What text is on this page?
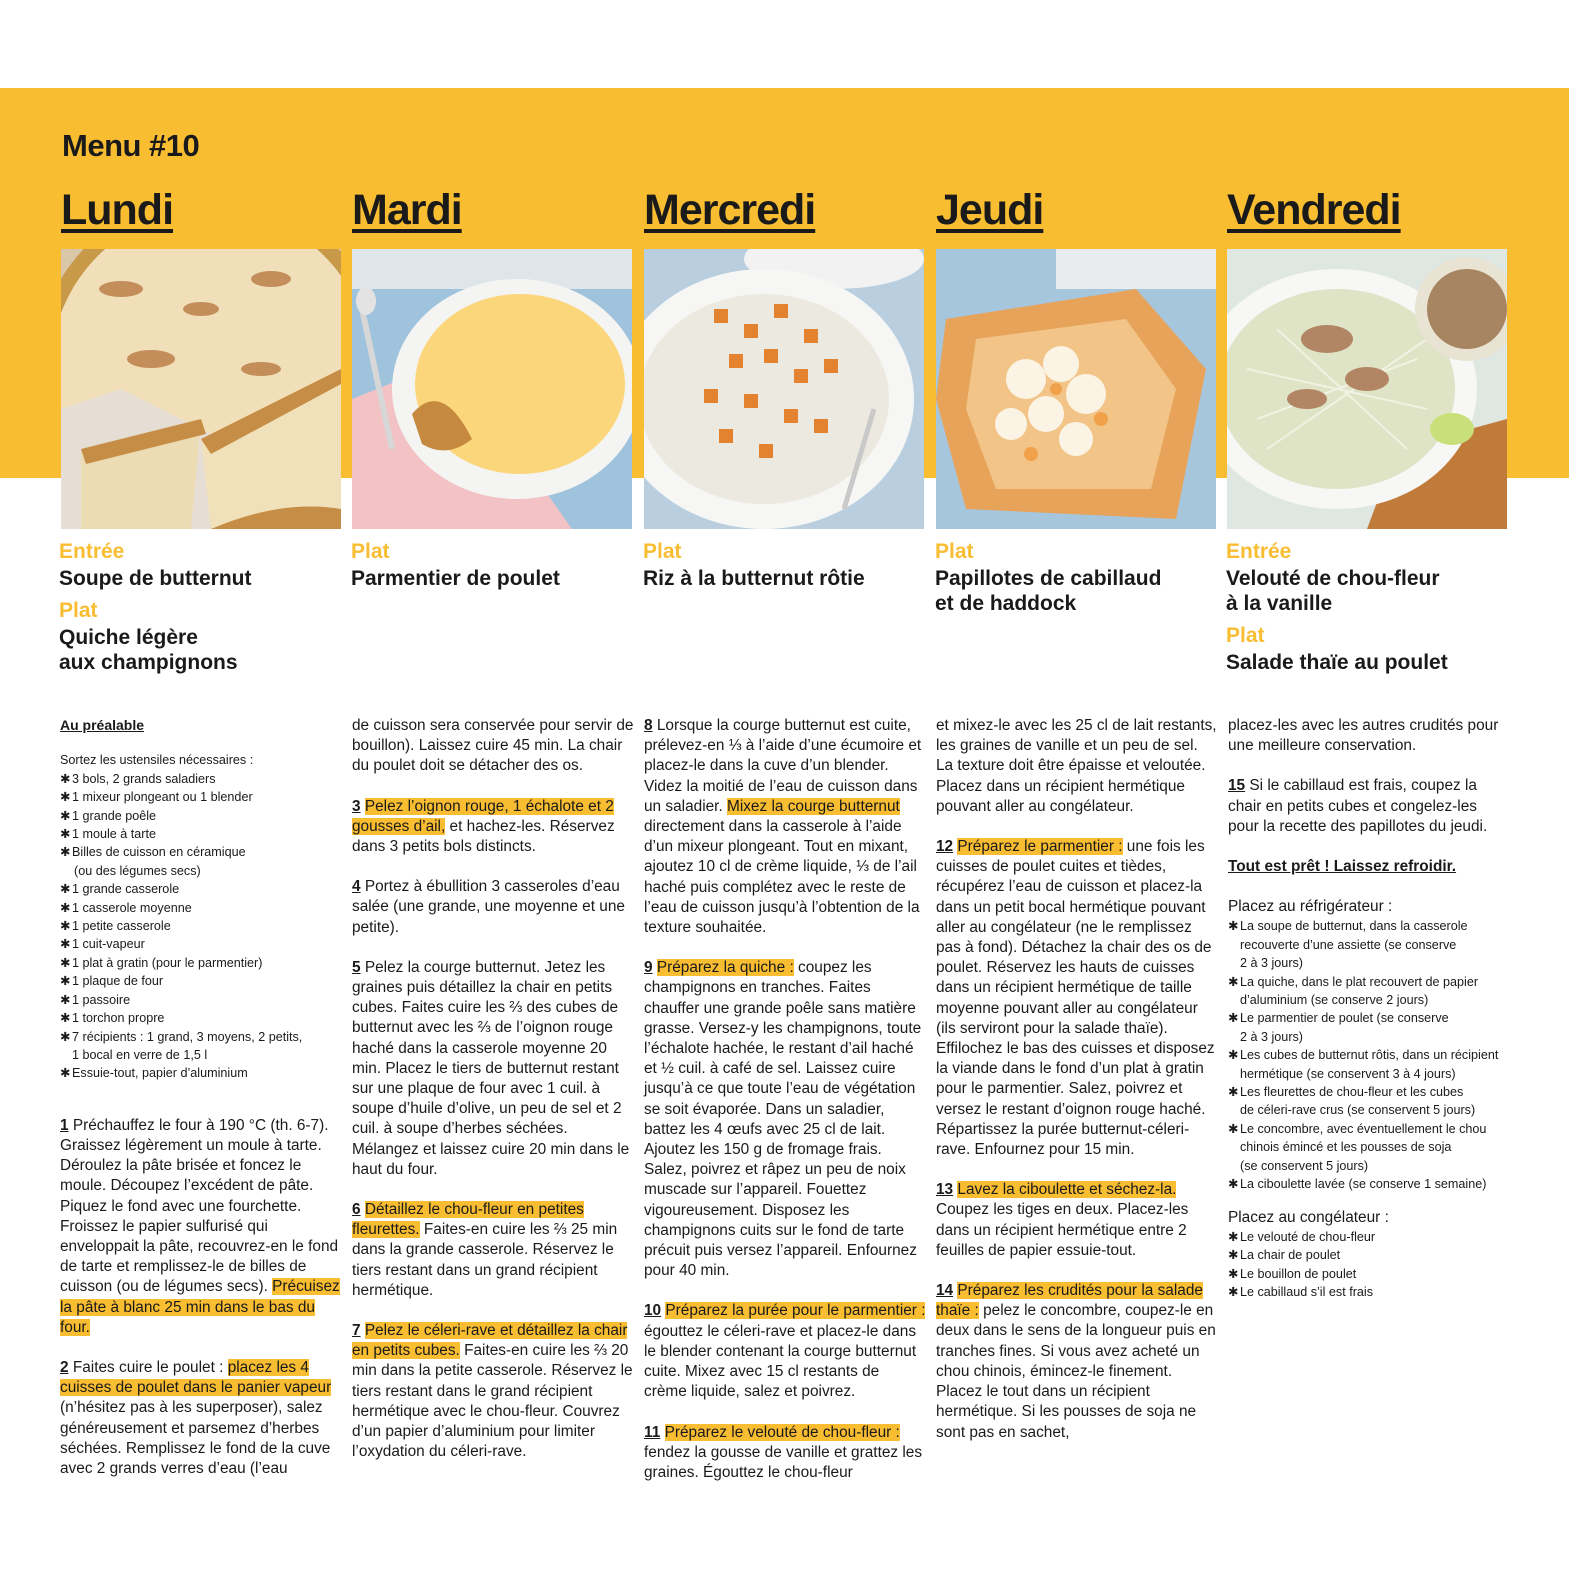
Menu #10
Lundi	Mardi	Mercredi	Jeudi	Vendredi
Entrée
Soupe de butternut
Plat
Quiche légère
aux champignons
Plat
Parmentier de poulet
Plat
Riz à la butternut rôtie
Plat
Papillotes de cabillaud
et de haddock
Entrée
Velouté de chou-fleur
à la vanille
Plat
Salade thaïe au poulet

Au préalable

Sortez les ustensiles nécessaires :
✱3 bols, 2 grands saladiers
✱1 mixeur plongeant ou 1 blender
✱1 grande poêle
✱1 moule à tarte
✱Billes de cuisson en céramique
(ou des légumes secs)
✱1 grande casserole
✱1 casserole moyenne
✱1 petite casserole
✱1 cuit-vapeur
✱1 plat à gratin (pour le parmentier)
✱1 plaque de four
✱1 passoire
✱1 torchon propre
✱7 récipients : 1 grand, 3 moyens, 2 petits,
1 bocal en verre de 1,5 l
✱Essuie-tout, papier d’aluminium

1 Préchauffez le four à 190 °C (th. 6-7). Graissez légèrement un moule à tarte. Déroulez la pâte brisée et foncez le moule. Découpez l’excédent de pâte. Piquez le fond avec une fourchette. Froissez le papier sulfurisé qui enveloppait la pâte, recouvrez-en le fond de tarte et remplissez-le de billes de cuisson (ou de légumes secs). Précuisez la pâte à blanc 25 min dans le bas du four.

2 Faites cuire le poulet : placez les 4 cuisses de poulet dans le panier vapeur (n’hésitez pas à les superposer), salez généreusement et parsemez d’herbes séchées. Remplissez le fond de la cuve avec 2 grands verres d’eau (l’eau

de cuisson sera conservée pour servir de bouillon). Laissez cuire 45 min. La chair du poulet doit se détacher des os.

3 Pelez l’oignon rouge, 1 échalote et 2 gousses d’ail, et hachez-les. Réservez dans 3 petits bols distincts.

4 Portez à ébullition 3 casseroles d’eau salée (une grande, une moyenne et une petite).

5 Pelez la courge butternut. Jetez les graines puis détaillez la chair en petits cubes. Faites cuire les ⅔ des cubes de butternut avec les ⅔ de l’oignon rouge haché dans la casserole moyenne 20 min. Placez le tiers de butternut restant sur une plaque de four avec 1 cuil. à soupe d’huile d’olive, un peu de sel et 2 cuil. à soupe d’herbes séchées. Mélangez et laissez cuire 20 min dans le haut du four.

6 Détaillez le chou-fleur en petites fleurettes. Faites-en cuire les ⅔ 25 min dans la grande casserole. Réservez le tiers restant dans un grand récipient hermétique.

7 Pelez le céleri-rave et détaillez la chair en petits cubes. Faites-en cuire les ⅔ 20 min dans la petite casserole. Réservez le tiers restant dans le grand récipient hermétique avec le chou-fleur. Couvrez d’un papier d’aluminium pour limiter l’oxydation du céleri-rave.

8 Lorsque la courge butternut est cuite, prélevez-en ⅓ à l’aide d’une écumoire et placez-le dans la cuve d’un blender. Videz la moitié de l’eau de cuisson dans un saladier. Mixez la courge butternut directement dans la casserole à l’aide d’un mixeur plongeant. Tout en mixant, ajoutez 10 cl de crème liquide, ⅓ de l’ail haché puis complétez avec le reste de l’eau de cuisson jusqu’à l’obtention de la texture souhaitée.

9 Préparez la quiche : coupez les champignons en tranches. Faites chauffer une grande poêle sans matière grasse. Versez-y les champignons, toute l’échalote hachée, le restant d’ail haché et ½ cuil. à café de sel. Laissez cuire jusqu’à ce que toute l’eau de végétation se soit évaporée. Dans un saladier, battez les 4 œufs avec 25 cl de lait. Ajoutez les 150 g de fromage frais. Salez, poivrez et râpez un peu de noix muscade sur l’appareil. Fouettez vigoureusement. Disposez les champignons cuits sur le fond de tarte précuit puis versez l’appareil. Enfournez pour 40 min.

10 Préparez la purée pour le parmentier : égouttez le céleri-rave et placez-le dans le blender contenant la courge butternut cuite. Mixez avec 15 cl restants de crème liquide, salez et poivrez.

11 Préparez le velouté de chou-fleur : fendez la gousse de vanille et grattez les graines. Égouttez le chou-fleur

et mixez-le avec les 25 cl de lait restants, les graines de vanille et un peu de sel. La texture doit être épaisse et veloutée. Placez dans un récipient hermétique pouvant aller au congélateur.

12 Préparez le parmentier : une fois les cuisses de poulet cuites et tièdes, récupérez l’eau de cuisson et placez-la dans un petit bocal hermétique pouvant aller au congélateur (ne le remplissez pas à fond). Détachez la chair des os de poulet. Réservez les hauts de cuisses dans un récipient hermétique de taille moyenne pouvant aller au congélateur (ils serviront pour la salade thaïe). Effilochez le bas des cuisses et disposez la viande dans le fond d’un plat à gratin pour le parmentier. Salez, poivrez et versez le restant d’oignon rouge haché. Répartissez la purée butternut-céleri-rave. Enfournez pour 15 min.

13 Lavez la ciboulette et séchez-la. Coupez les tiges en deux. Placez-les dans un récipient hermétique entre 2 feuilles de papier essuie-tout.

14 Préparez les crudités pour la salade thaïe : pelez le concombre, coupez-le en deux dans le sens de la longueur puis en tranches fines. Si vous avez acheté un chou chinois, émincez-le finement. Placez le tout dans un récipient hermétique. Si les pousses de soja ne sont pas en sachet,

placez-les avec les autres crudités pour une meilleure conservation.

15 Si le cabillaud est frais, coupez la chair en petits cubes et congelez-les pour la recette des papillotes du jeudi.

Tout est prêt ! Laissez refroidir.

Placez au réfrigérateur :

✱La soupe de butternut, dans la casserole
recouverte d’une assiette (se conserve
2 à 3 jours)
✱La quiche, dans le plat recouvert de papier
d’aluminium (se conserve 2 jours)
✱Le parmentier de poulet (se conserve
2 à 3 jours)
✱Les cubes de butternut rôtis, dans un récipient
hermétique (se conservent 3 à 4 jours)
✱Les fleurettes de chou-fleur et les cubes
de céleri-rave crus (se conservent 5 jours)
✱Le concombre, avec éventuellement le chou
chinois émincé et les pousses de soja
(se conservent 5 jours)
✱La ciboulette lavée (se conserve 1 semaine)

Placez au congélateur :

✱Le velouté de chou-fleur
✱La chair de poulet
✱Le bouillon de poulet
✱Le cabillaud s’il est frais
